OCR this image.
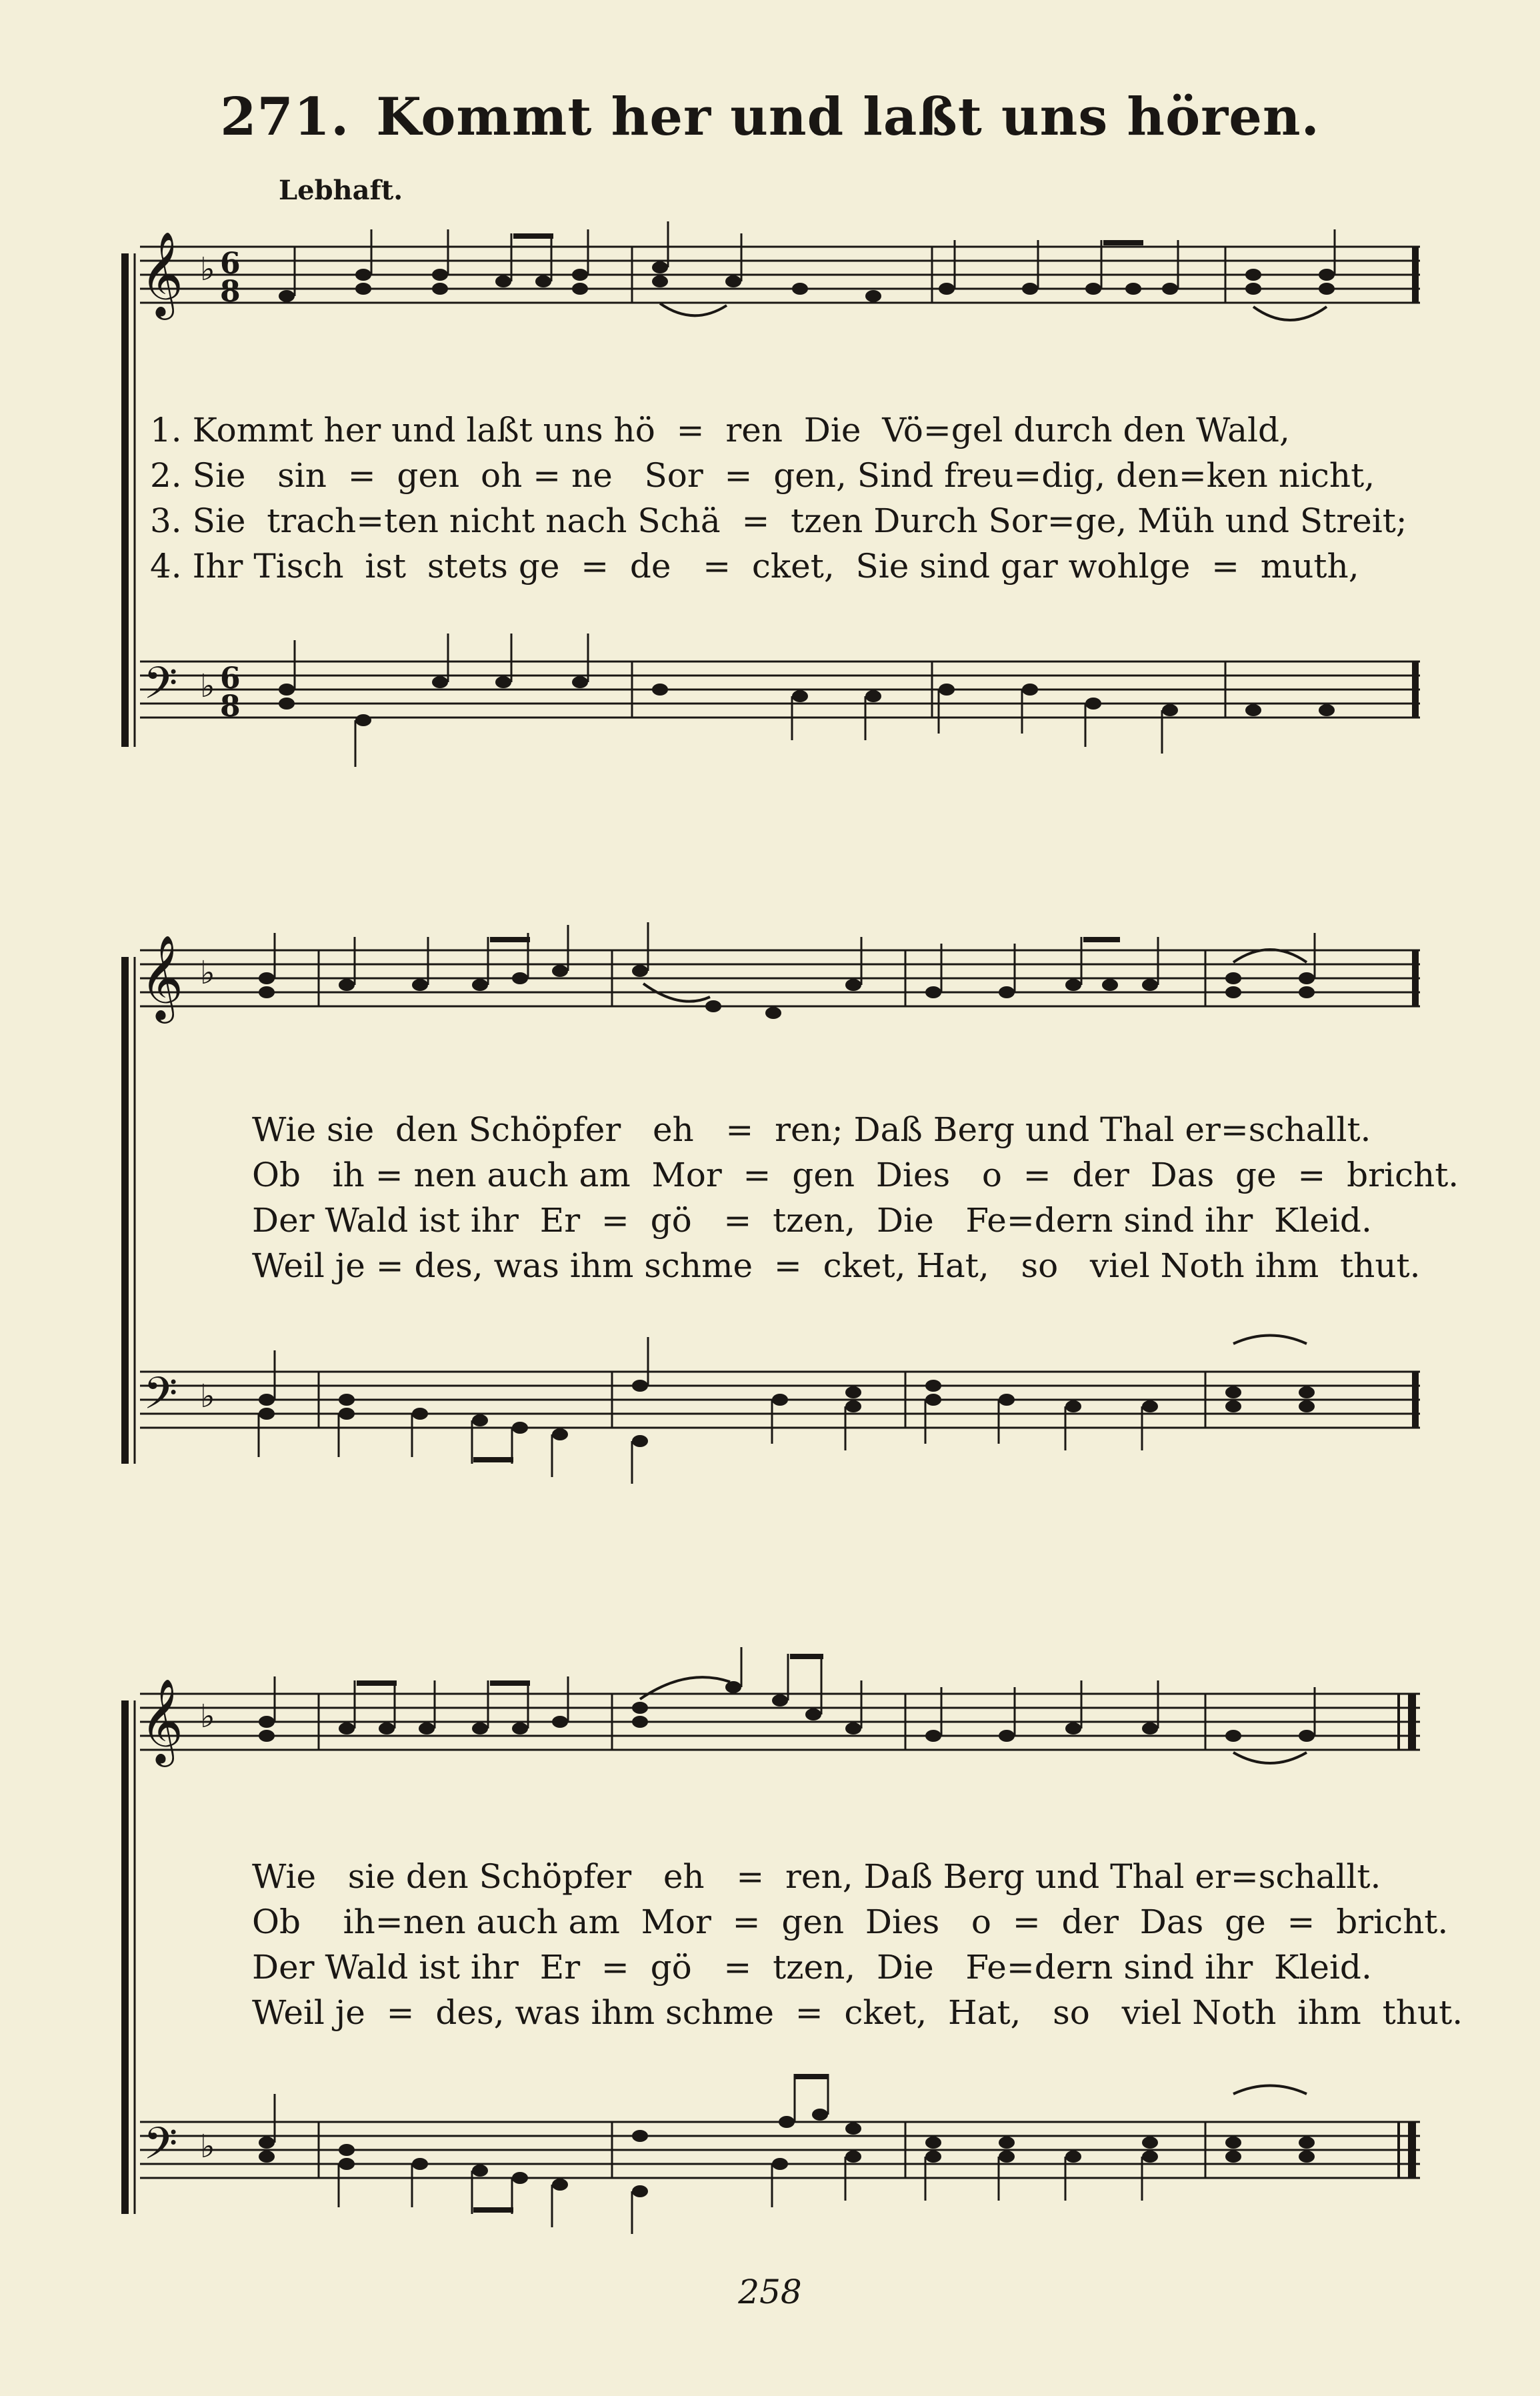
271. Kommt her und laßt uns hören.
Lebhaft.
𝄞 ♭ 6
8
1. Kommt her und laßt uns hö  =  ren  Die  Vö=gel durch den Wald,
2. Sie   sin  =  gen  oh = ne   Sor  =  gen, Sind freu=dig, den=ken nicht,
3. Sie  trach=ten nicht nach Schä  =  tzen Durch Sor=ge, Müh und Streit;
4. Ihr Tisch  ist  stets ge  =  de   =  cket,  Sie sind gar wohlge  =  muth,
𝄢 ♭ 6
8
𝄞 ♭
Wie sie  den Schöpfer   eh   =  ren; Daß Berg und Thal er=schallt.
Ob   ih = nen auch am  Mor  =  gen  Dies   o  =  der  Das  ge  =  bricht.
Der Wald ist ihr  Er  =  gö   =  tzen,  Die   Fe=dern sind ihr  Kleid.
Weil je = des, was ihm schme  =  cket, Hat,   so   viel Noth ihm  thut.
𝄢 ♭
𝄞 ♭
Wie   sie den Schöpfer   eh   =  ren, Daß Berg und Thal er=schallt.
Ob    ih=nen auch am  Mor  =  gen  Dies   o  =  der  Das  ge  =  bricht.
Der Wald ist ihr  Er  =  gö   =  tzen,  Die   Fe=dern sind ihr  Kleid.
Weil je  =  des, was ihm schme  =  cket,  Hat,   so   viel Noth  ihm  thut.
𝄢 ♭
258
